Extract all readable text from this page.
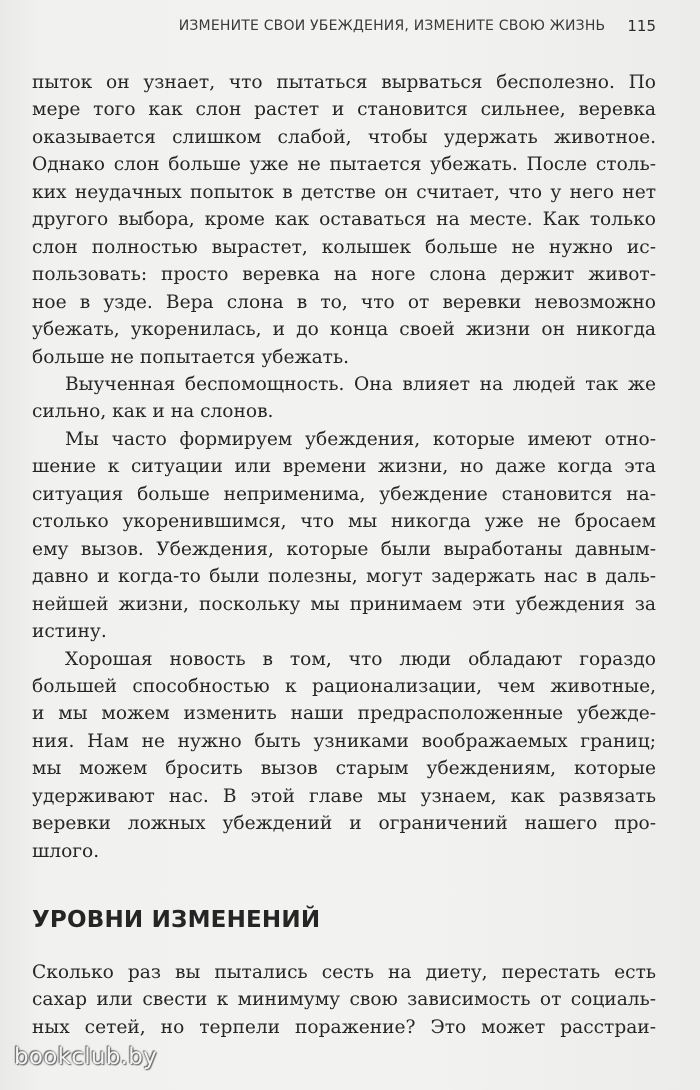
ИЗМЕНИТЕ СВОИ УБЕЖДЕНИЯ, ИЗМЕНИТЕ СВОЮ ЖИЗНЬ 115

пыток он узнает, что пытаться вырваться бесполезно. По

мере того как слон растет и становится сильнее, веревка

оказывается слишком слабой, чтобы удержать животное.

Однако слон больше уже не пытается убежать. После столь-

ких неудачных попыток в детстве он считает, что у него нет

другого выбора, кроме как оставаться на месте. Как только

слон полностью вырастет, колышек больше не нужно ис-

пользовать: просто веревка на ноге слона держит живот-

ное в узде. Вера слона в то, что от веревки невозможно

убежать, укоренилась, и до конца своей жизни он никогда

больше не попытается убежать.

Выученная беспомощность. Она влияет на людей так же

сильно, как и на слонов.

Мы часто формируем убеждения, которые имеют отно-

шение к ситуации или времени жизни, но даже когда эта

ситуация больше неприменима, убеждение становится на-

столько укоренившимся, что мы никогда уже не бросаем

ему вызов. Убеждения, которые были выработаны давным-

давно и когда-то были полезны, могут задержать нас в даль-

нейшей жизни, поскольку мы принимаем эти убеждения за

истину.

Хорошая новость в том, что люди обладают гораздо

большей способностью к рационализации, чем животные,

и мы можем изменить наши предрасположенные убежде-

ния. Нам не нужно быть узниками воображаемых границ;

мы можем бросить вызов старым убеждениям, которые

удерживают нас. В этой главе мы узнаем, как развязать

веревки ложных убеждений и ограничений нашего про-

шлого.

УРОВНИ ИЗМЕНЕНИЙ

Сколько раз вы пытались сесть на диету, перестать есть

сахар или свести к минимуму свою зависимость от социаль-

ных сетей, но терпели поражение? Это может расстраи-

bookclub.by
